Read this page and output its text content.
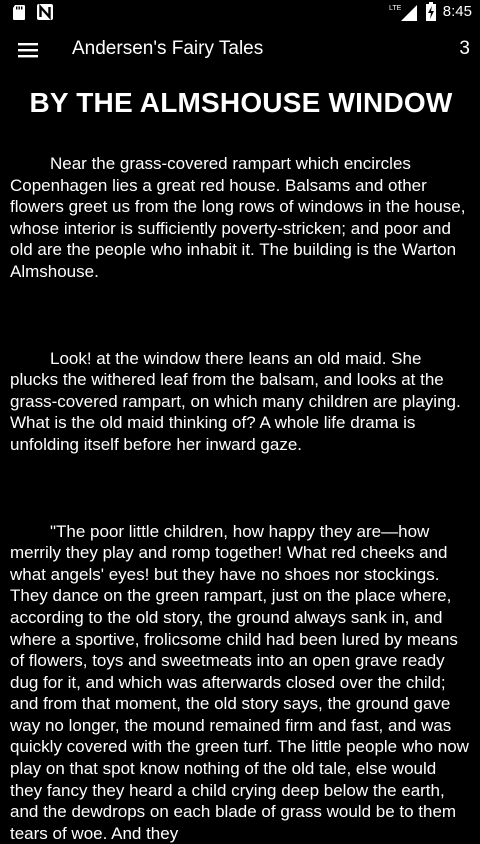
LTE	8:45
Andersen's Fairy Tales	3
BY THE ALMSHOUSE WINDOW

Near the grass-covered rampart which encircles Copenhagen lies a great red house. Balsams and other flowers greet us from the long rows of windows in the house, whose interior is sufficiently poverty-stricken; and poor and old are the people who inhabit it. The building is the Warton Almshouse.

Look! at the window there leans an old maid. She plucks the withered leaf from the balsam, and looks at the grass-covered rampart, on which many children are playing. What is the old maid thinking of? A whole life drama is unfolding itself before her inward gaze.

"The poor little children, how happy they are—how merrily they play and romp together! What red cheeks and what angels' eyes! but they have no shoes nor stockings. They dance on the green rampart, just on the place where, according to the old story, the ground always sank in, and where a sportive, frolicsome child had been lured by means of flowers, toys and sweetmeats into an open grave ready dug for it, and which was afterwards closed over the child; and from that moment, the old story says, the ground gave way no longer, the mound remained firm and fast, and was quickly covered with the green turf. The little people who now play on that spot know nothing of the old tale, else would they fancy they heard a child crying deep below the earth, and the dewdrops on each blade of grass would be to them tears of woe. And they
